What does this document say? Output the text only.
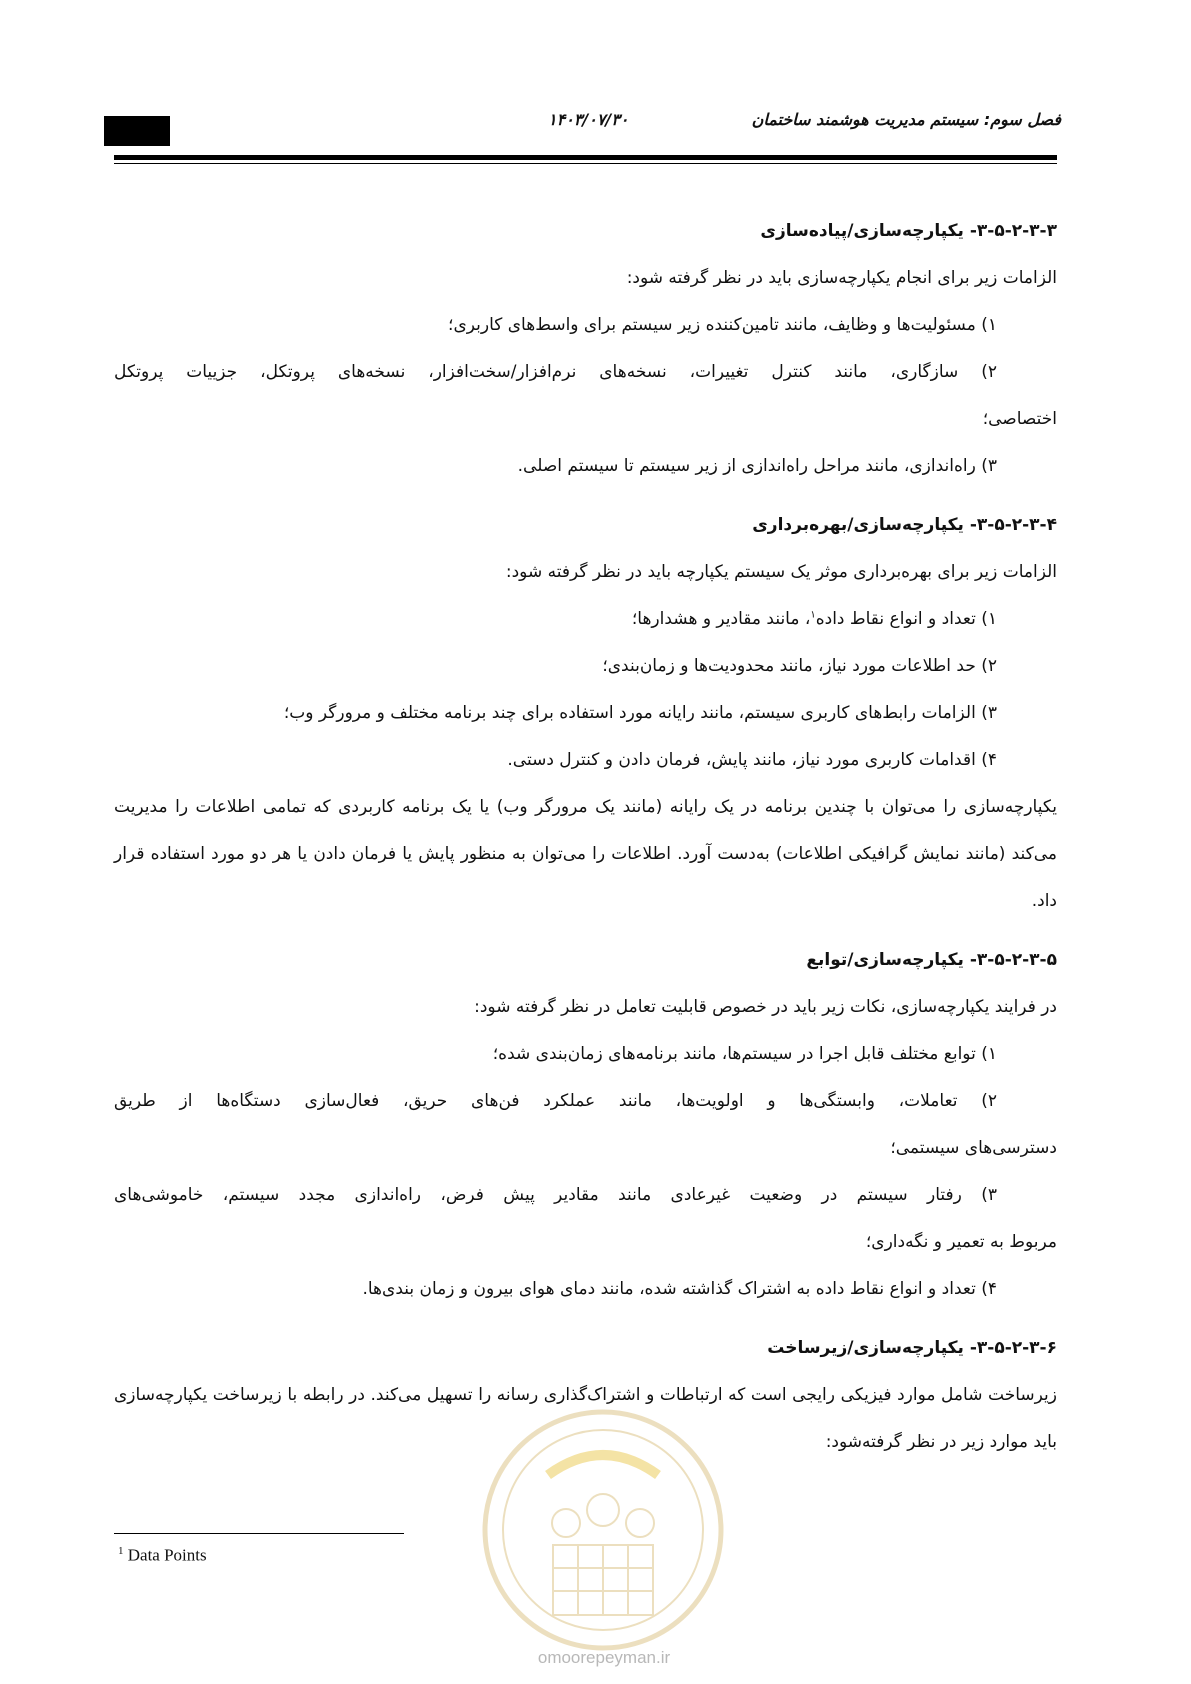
فصل سوم: سیستم مدیریت هوشمند ساختمان
۱۴۰۳/۰۷/۳۰
۳-۵-۲-۳-۳- یکپارچه‌سازی/پیاده‌سازی

الزامات زیر برای انجام یکپارچه‌سازی باید در نظر گرفته شود:

۱) مسئولیت‌ها و وظایف، مانند تامین‌کننده زیر سیستم برای واسط‌های کاربری؛

۲) سازگاری، مانند کنترل تغییرات، نسخه‌های نرم‌افزار/سخت‌افزار، نسخه‌های پروتکل، جزییات پروتکل

اختصاصی؛

۳) راه‌اندازی، مانند مراحل راه‌اندازی از زیر سیستم تا سیستم اصلی.

۳-۵-۲-۳-۴- یکپارچه‌سازی/بهره‌برداری

الزامات زیر برای بهره‌برداری موثر یک سیستم یکپارچه باید در نظر گرفته شود:

۱) تعداد و انواع نقاط داده$^۱$، مانند مقادیر و هشدارها؛

۲) حد اطلاعات مورد نیاز، مانند محدودیت‌ها و زمان‌بندی؛

۳) الزامات رابط‌های کاربری سیستم، مانند رایانه مورد استفاده برای چند برنامه مختلف و مرورگر وب؛

۴) اقدامات کاربری مورد نیاز، مانند پایش، فرمان دادن و کنترل دستی.

یکپارچه‌سازی را می‌توان با چندین برنامه در یک رایانه (مانند یک مرورگر وب) یا یک برنامه کاربردی که تمامی اطلاعات را مدیریت می‌کند (مانند نمایش گرافیکی اطلاعات) به‌دست آورد. اطلاعات را می‌توان به منظور پایش یا فرمان دادن یا هر دو مورد استفاده قرار داد.

۳-۵-۲-۳-۵- یکپارچه‌سازی/توابع

در فرایند یکپارچه‌سازی، نکات زیر باید در خصوص قابلیت تعامل در نظر گرفته شود:

۱) توابع مختلف قابل اجرا در سیستم‌ها، مانند برنامه‌های زمان‌بندی شده؛

۲) تعاملات، وابستگی‌ها و اولویت‌ها، مانند عملکرد فن‌های حریق، فعال‌سازی دستگاه‌ها از طریق

دسترسی‌های سیستمی؛

۳) رفتار سیستم در وضعیت غیرعادی مانند مقادیر پیش فرض، راه‌اندازی مجدد سیستم، خاموشی‌های

مربوط به تعمیر و نگه‌داری؛

۴) تعداد و انواع نقاط داده به اشتراک گذاشته شده، مانند دمای هوای بیرون و زمان بندی‌ها.

۳-۵-۲-۳-۶- یکپارچه‌سازی/زیرساخت

زیرساخت شامل موارد فیزیکی رایجی است که ارتباطات و اشتراک‌گذاری رسانه را تسهیل می‌کند. در رابطه با زیرساخت یکپارچه‌سازی باید موارد زیر در نظر گرفته‌شود:

$^1$ Data Points
omoorepeyman.ir
